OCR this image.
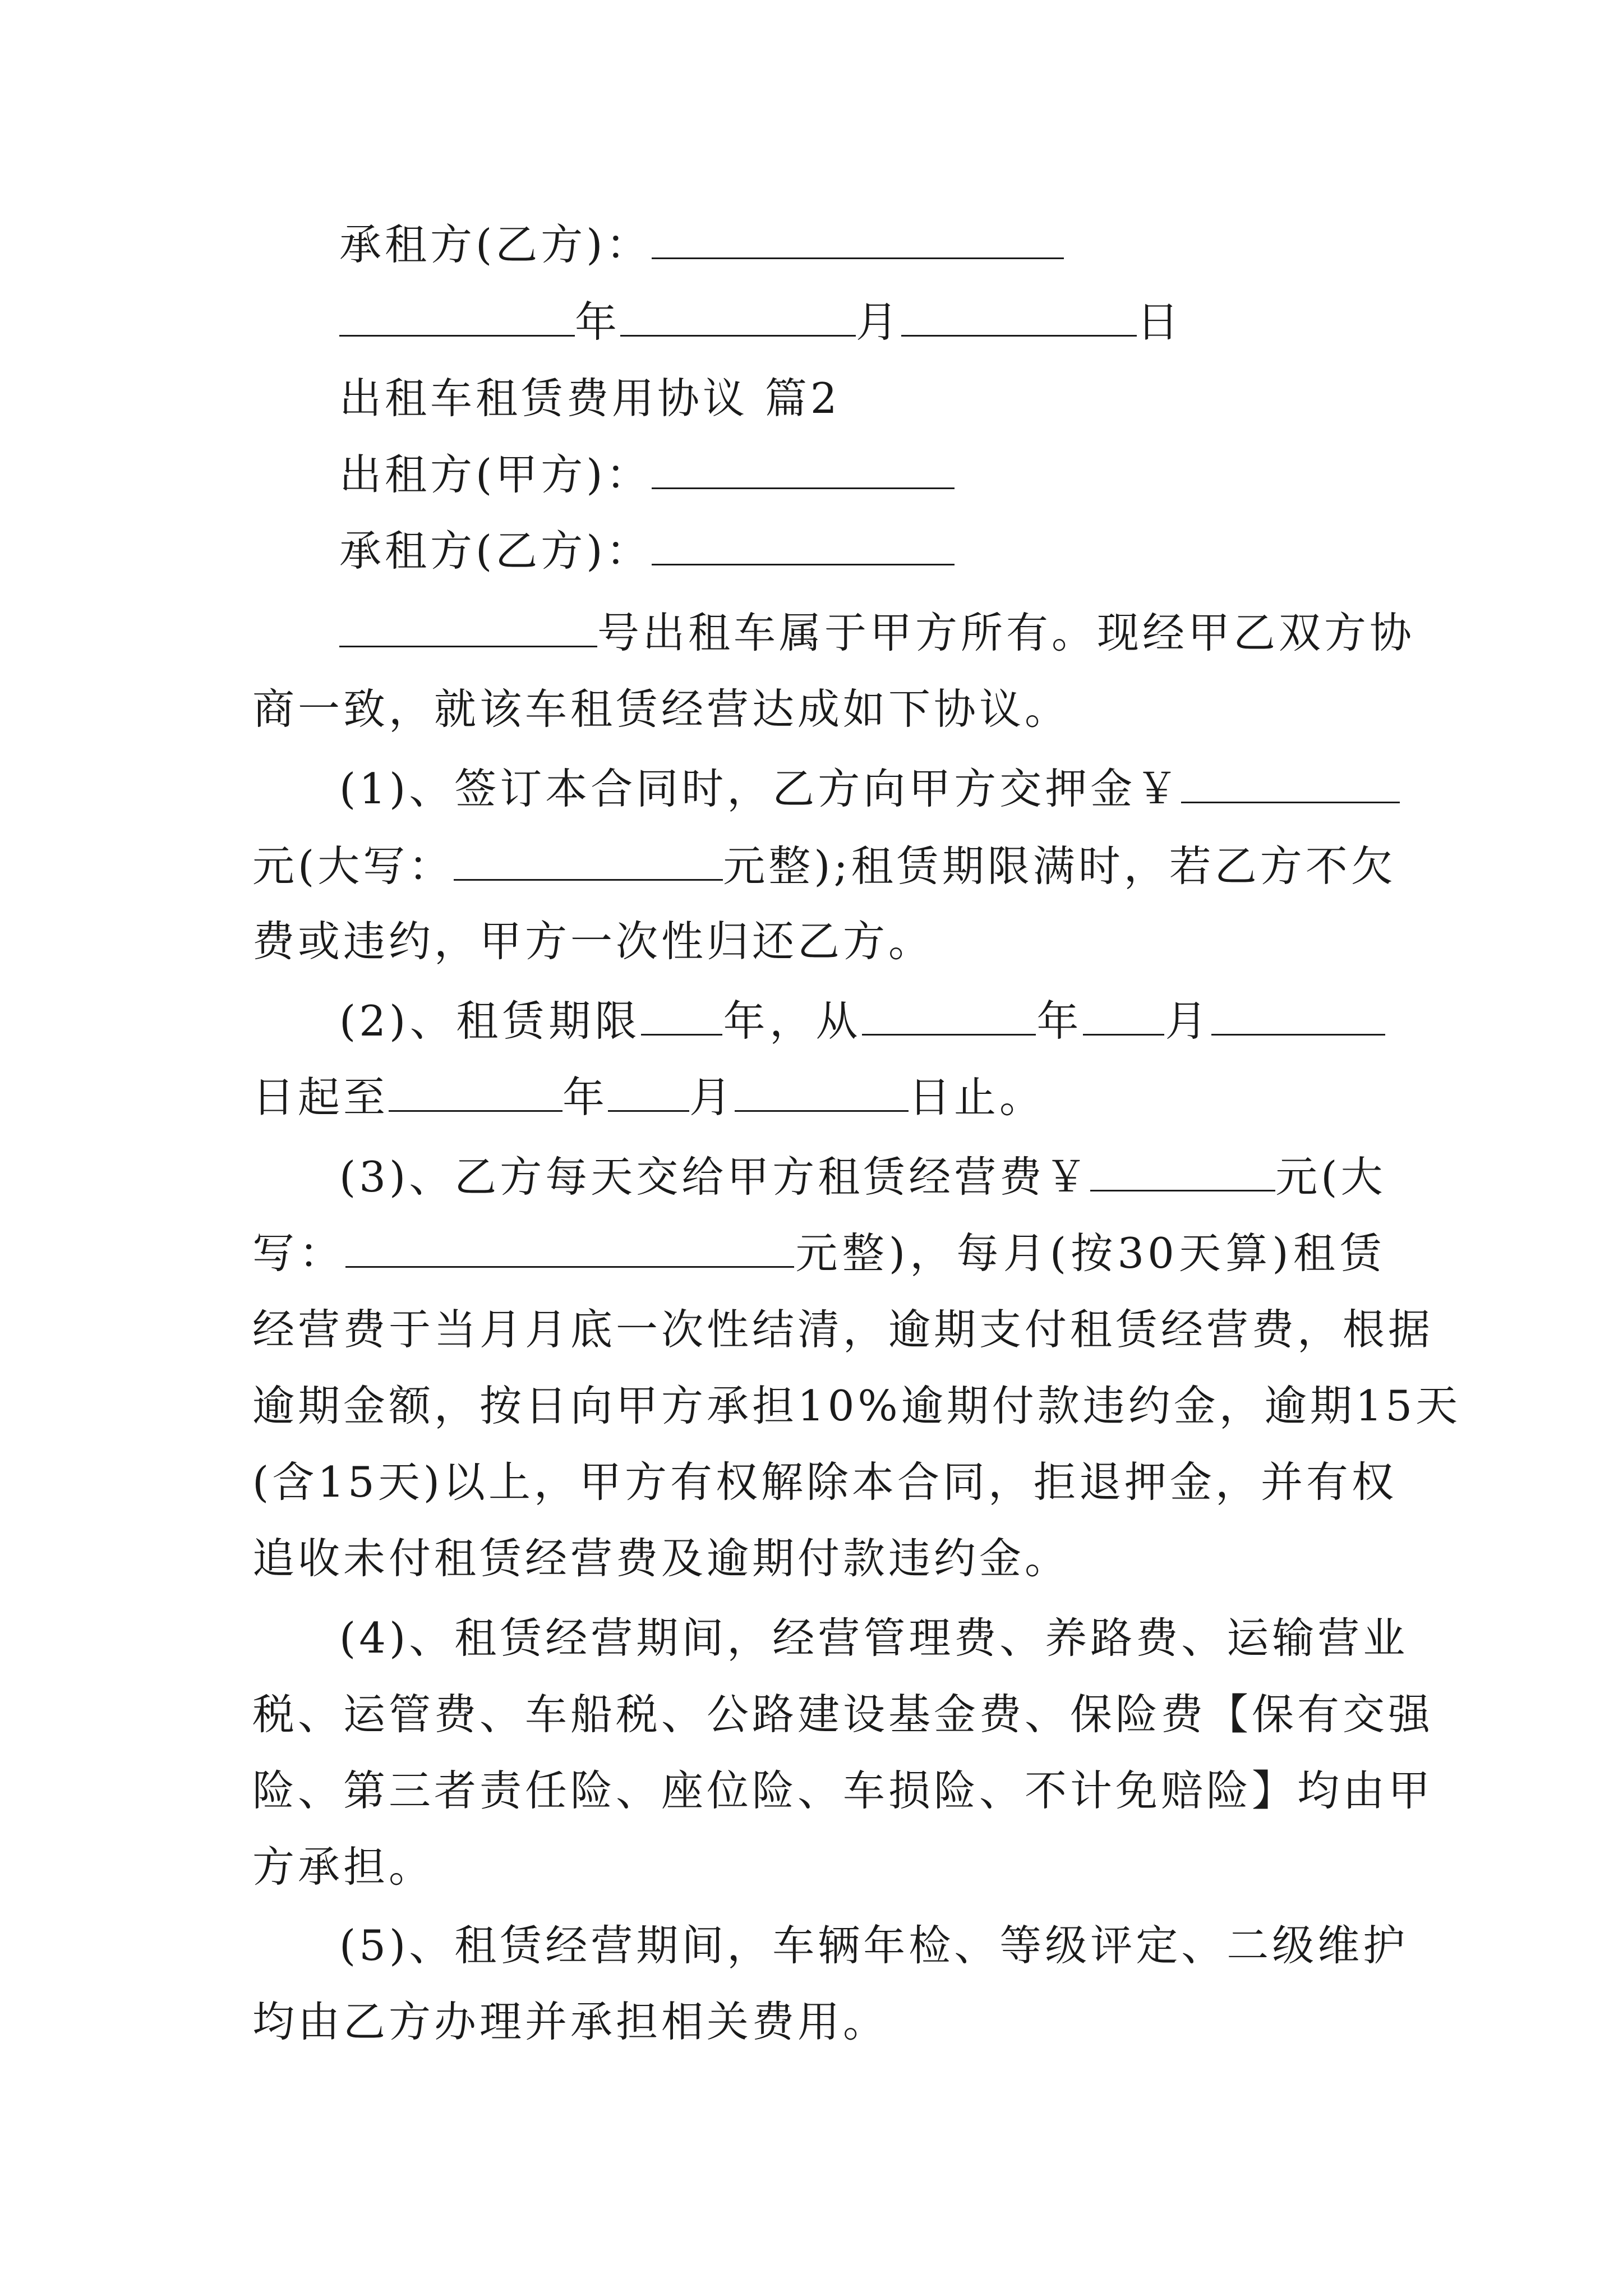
承租方(乙方)：
年	月	日
出租车租赁费用协议 篇2
出租方(甲方)：
承租方(乙方)：
号出租车属于甲方所有。现经甲乙双方协
商一致，就该车租赁经营达成如下协议。
(1)、签订本合同时，乙方向甲方交押金￥
元(大写：	元整);租赁期限满时，若乙方不欠
费或违约，甲方一次性归还乙方。
(2)、租赁期限 年，从	年 月
日起至	年 月	日止。
(3)、乙方每天交给甲方租赁经营费￥	元(大
写：	元整)，每月(按30天算)租赁
经营费于当月月底一次性结清，逾期支付租赁经营费，根据
逾期金额，按日向甲方承担10%逾期付款违约金，逾期15天
(含15天)以上，甲方有权解除本合同，拒退押金，并有权
追收未付租赁经营费及逾期付款违约金。
(4)、租赁经营期间，经营管理费、养路费、运输营业
税、运管费、车船税、公路建设基金费、保险费【保有交强
险、第三者责任险、座位险、车损险、不计免赔险】均由甲
方承担。
(5)、租赁经营期间，车辆年检、等级评定、二级维护
均由乙方办理并承担相关费用。
